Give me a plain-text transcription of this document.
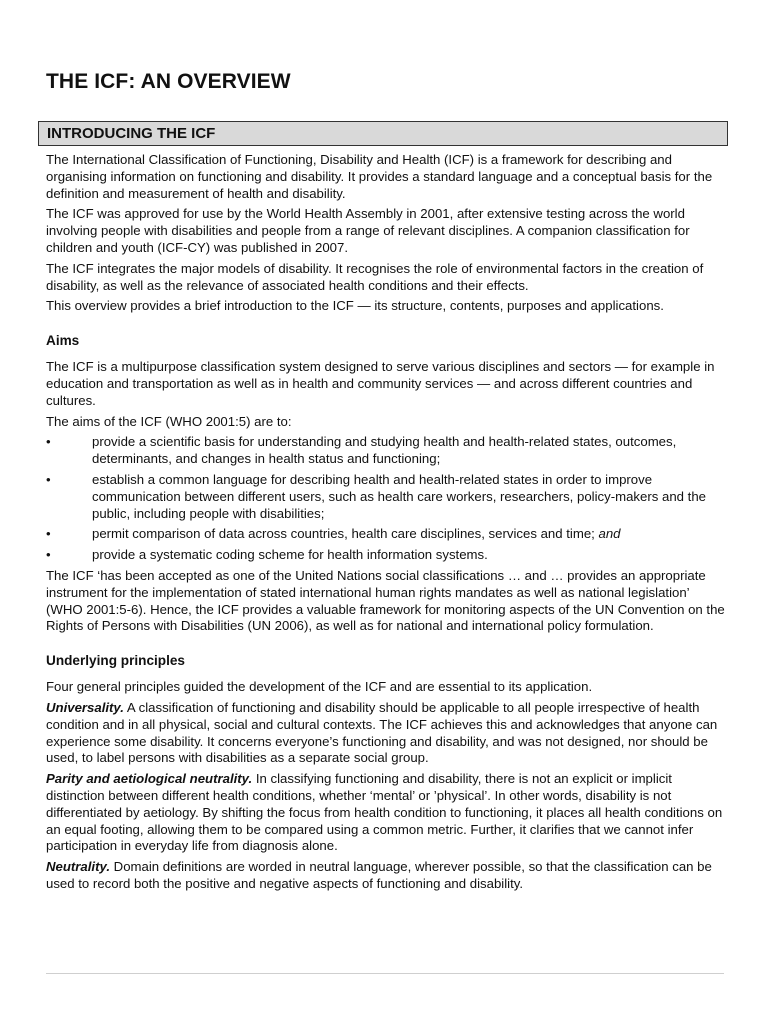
THE ICF: AN OVERVIEW
INTRODUCING THE ICF

The International Classification of Functioning, Disability and Health (ICF) is a framework for describing and organising information on functioning and disability. It provides a standard language and a conceptual basis for the definition and measurement of health and disability.

The ICF was approved for use by the World Health Assembly in 2001, after extensive testing across the world involving people with disabilities and people from a range of relevant disciplines. A companion classification for children and youth (ICF-CY) was published in 2007.

The ICF integrates the major models of disability. It recognises the role of environmental factors in the creation of disability, as well as the relevance of associated health conditions and their effects.

This overview provides a brief introduction to the ICF — its structure, contents, purposes and applications.

Aims

The ICF is a multipurpose classification system designed to serve various disciplines and sectors — for example in education and transportation as well as in health and community services — and across different countries and cultures.

The aims of the ICF (WHO 2001:5) are to:

•	provide a scientific basis for understanding and studying health and health-related states, outcomes, determinants, and changes in health status and functioning;
•	establish a common language for describing health and health-related states in order to improve communication between different users, such as health care workers, researchers, policy-makers and the public, including people with disabilities;
•	permit comparison of data across countries, health care disciplines, services and time; and
•	provide a systematic coding scheme for health information systems.

The ICF ‘has been accepted as one of the United Nations social classifications … and … provides an appropriate instrument for the implementation of stated international human rights mandates as well as national legislation’ (WHO 2001:5-6). Hence, the ICF provides a valuable framework for monitoring aspects of the UN Convention on the Rights of Persons with Disabilities (UN 2006), as well as for national and international policy formulation.

Underlying principles

Four general principles guided the development of the ICF and are essential to its application.

Universality. A classification of functioning and disability should be applicable to all people irrespective of health condition and in all physical, social and cultural contexts. The ICF achieves this and acknowledges that anyone can experience some disability. It concerns everyone’s functioning and disability, and was not designed, nor should be used, to label persons with disabilities as a separate social group.

Parity and aetiological neutrality. In classifying functioning and disability, there is not an explicit or implicit distinction between different health conditions, whether ‘mental’ or ’physical’. In other words, disability is not differentiated by aetiology. By shifting the focus from health condition to functioning, it places all health conditions on an equal footing, allowing them to be compared using a common metric. Further, it clarifies that we cannot infer participation in everyday life from diagnosis alone.

Neutrality. Domain definitions are worded in neutral language, wherever possible, so that the classification can be used to record both the positive and negative aspects of functioning and disability.
